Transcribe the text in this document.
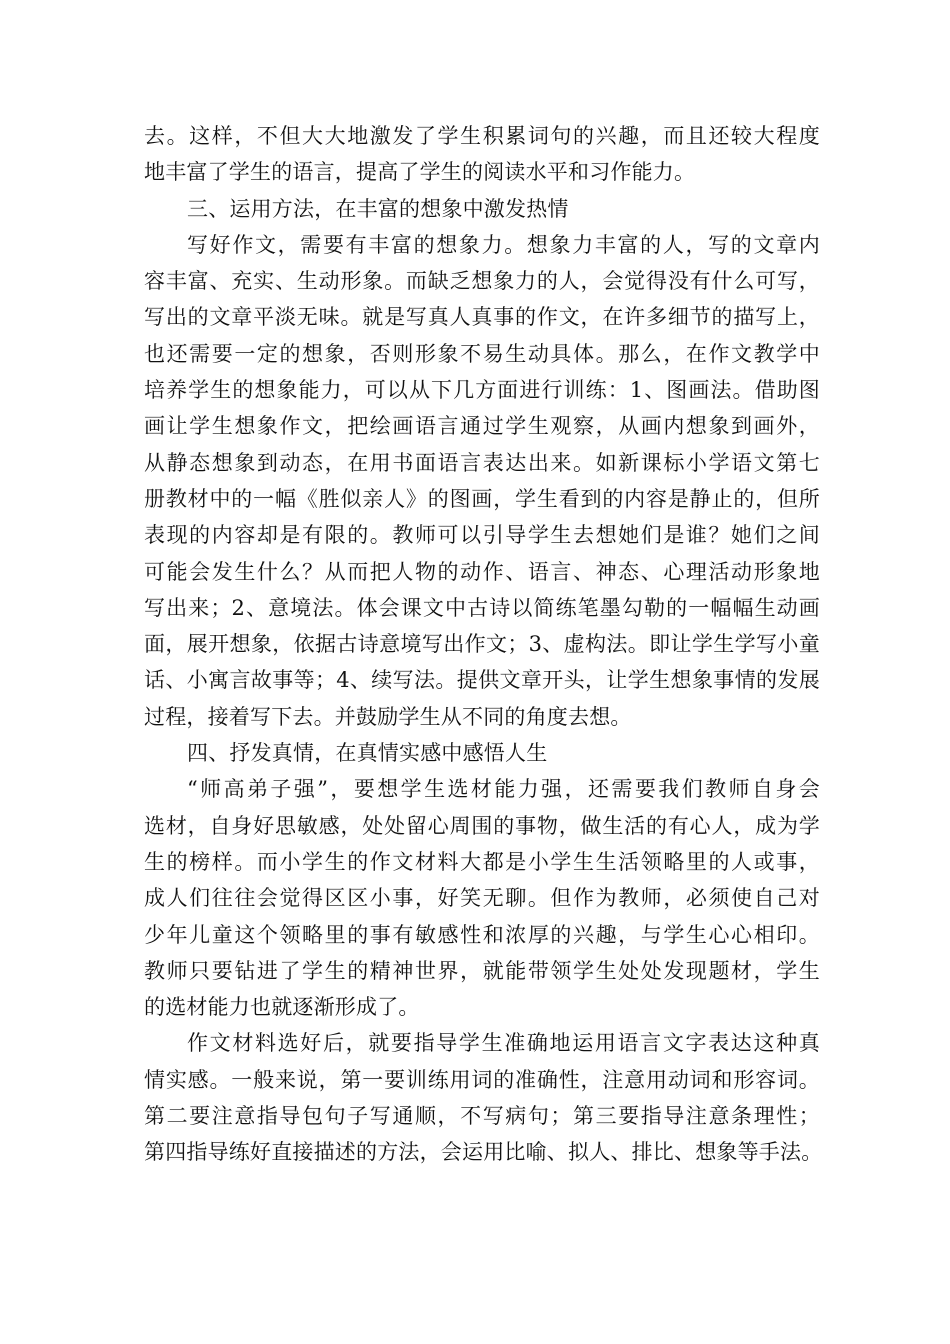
去。这样，不但大大地激发了学生积累词句的兴趣，而且还较大程度
地丰富了学生的语言，提高了学生的阅读水平和习作能力。
三、运用方法，在丰富的想象中激发热情
写好作文，需要有丰富的想象力。想象力丰富的人，写的文章内
容丰富、充实、生动形象。而缺乏想象力的人，会觉得没有什么可写，
写出的文章平淡无味。就是写真人真事的作文，在许多细节的描写上，
也还需要一定的想象，否则形象不易生动具体。那么，在作文教学中
培养学生的想象能力，可以从下几方面进行训练：1、图画法。借助图
画让学生想象作文，把绘画语言通过学生观察，从画内想象到画外，
从静态想象到动态，在用书面语言表达出来。如新课标小学语文第七
册教材中的一幅《胜似亲人》的图画，学生看到的内容是静止的，但所
表现的内容却是有限的。教师可以引导学生去想她们是谁？她们之间
可能会发生什么？从而把人物的动作、语言、神态、心理活动形象地
写出来；2、意境法。体会课文中古诗以简练笔墨勾勒的一幅幅生动画
面，展开想象，依据古诗意境写出作文；3、虚构法。即让学生学写小童
话、小寓言故事等；4、续写法。提供文章开头，让学生想象事情的发展
过程，接着写下去。并鼓励学生从不同的角度去想。
四、抒发真情，在真情实感中感悟人生
“师高弟子强”，要想学生选材能力强，还需要我们教师自身会
选材，自身好思敏感，处处留心周围的事物，做生活的有心人，成为学
生的榜样。而小学生的作文材料大都是小学生生活领略里的人或事，
成人们往往会觉得区区小事，好笑无聊。但作为教师，必须使自己对
少年儿童这个领略里的事有敏感性和浓厚的兴趣，与学生心心相印。
教师只要钻进了学生的精神世界，就能带领学生处处发现题材，学生
的选材能力也就逐渐形成了。
作文材料选好后，就要指导学生准确地运用语言文字表达这种真
情实感。一般来说，第一要训练用词的准确性，注意用动词和形容词。
第二要注意指导包句子写通顺，不写病句；第三要指导注意条理性；
第四指导练好直接描述的方法，会运用比喻、拟人、排比、想象等手法。
